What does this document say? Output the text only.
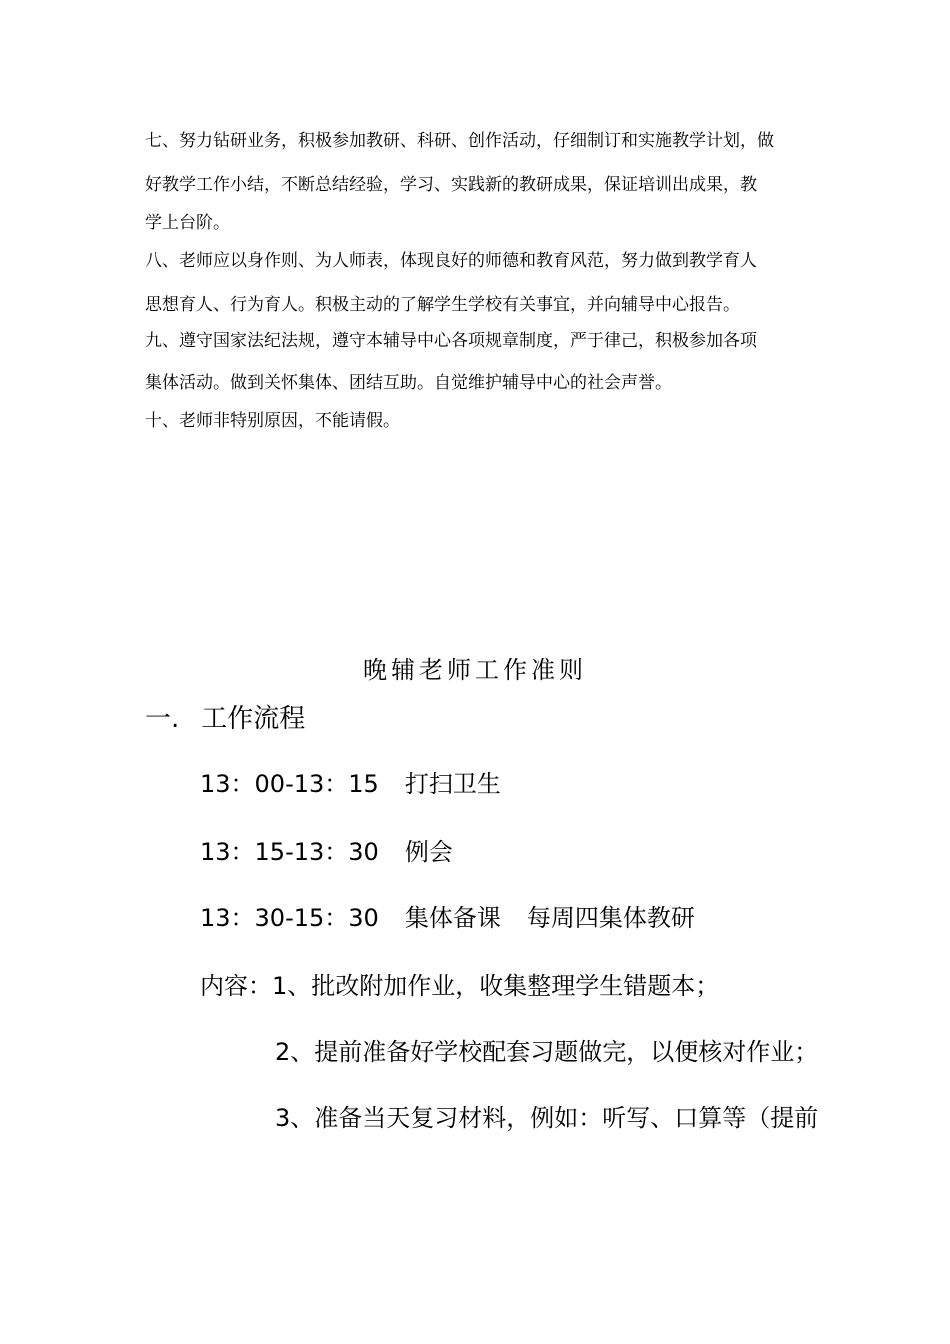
七、努力钻研业务，积极参加教研、科研、创作活动，仔细制订和实施教学计划，做

好教学工作小结，不断总结经验，学习、实践新的教研成果，保证培训出成果，教

学上台阶。

八、老师应以身作则、为人师表，体现良好的师德和教育风范，努力做到教学育人

思想育人、行为育人。积极主动的了解学生学校有关事宜，并向辅导中心报告。

九、遵守国家法纪法规，遵守本辅导中心各项规章制度，严于律己，积极参加各项

集体活动。做到关怀集体、团结互助。自觉维护辅导中心的社会声誉。

十、老师非特别原因，不能请假。

晚辅老师工作准则
一. 工作流程
13：00-13：15 打扫卫生
13：15-13：30 例会
13：30-15：30 集体备课 每周四集体教研
内容：1、批改附加作业，收集整理学生错题本；
2、提前准备好学校配套习题做完，以便核对作业；
3、准备当天复习材料，例如：听写、口算等（提前
